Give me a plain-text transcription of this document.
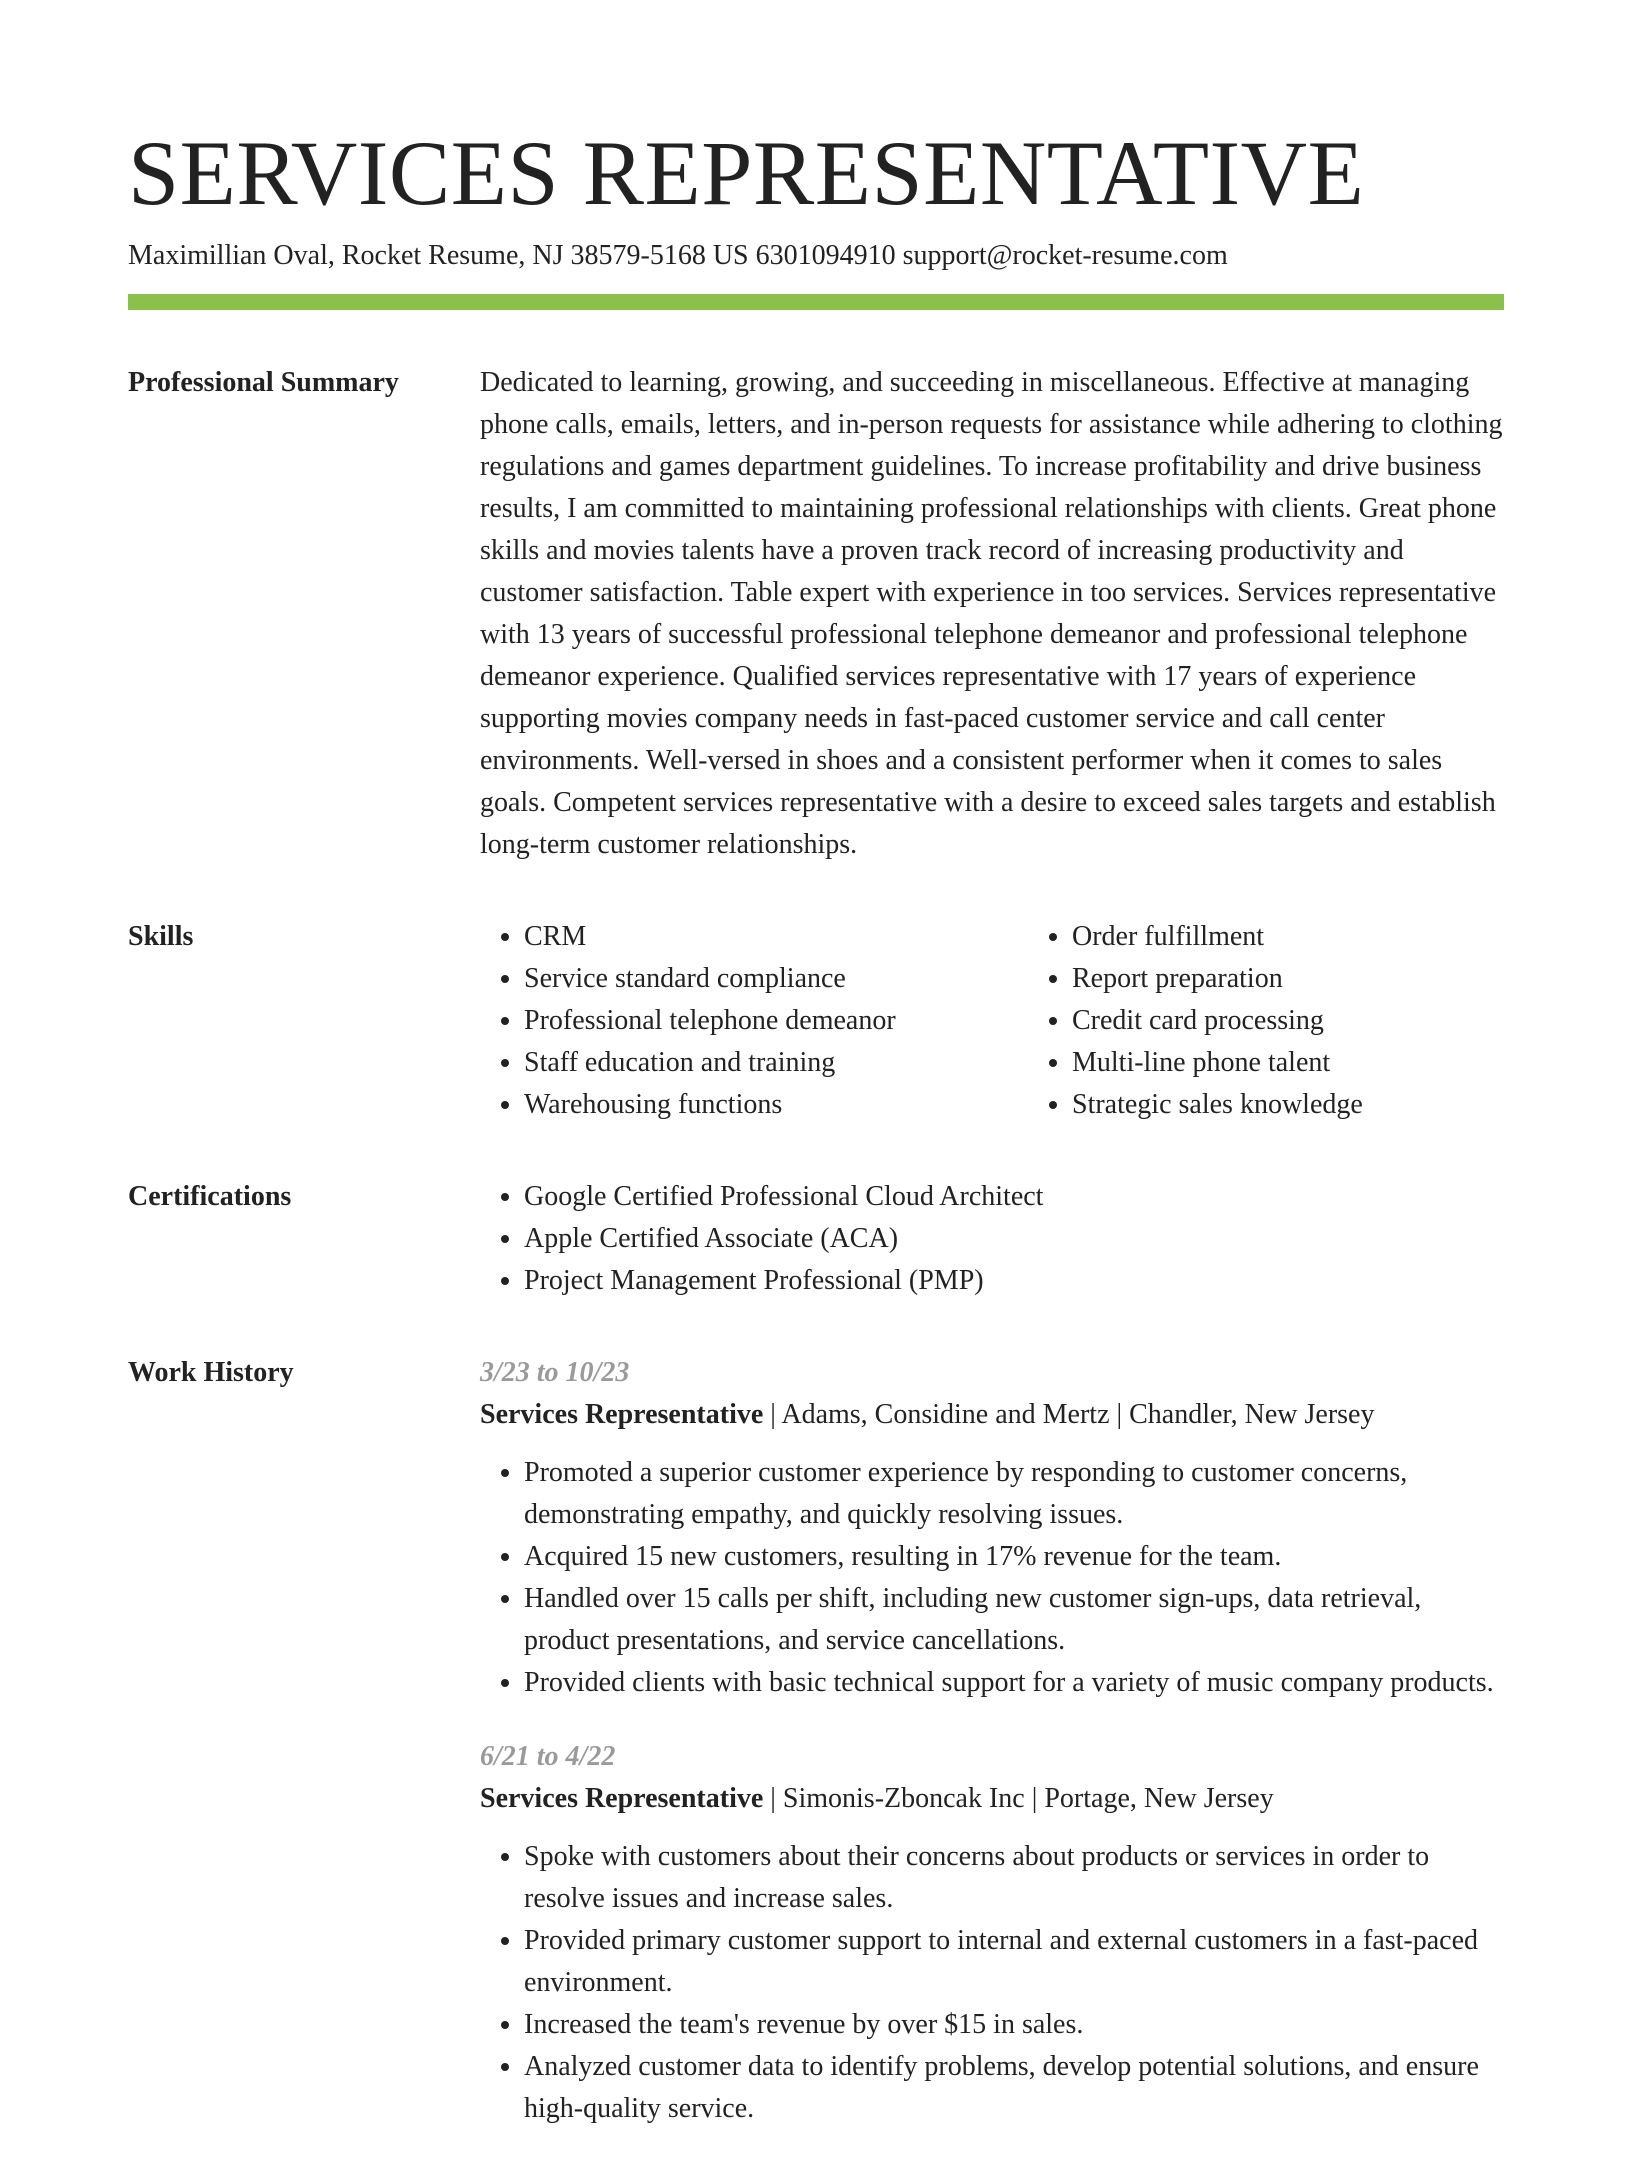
SERVICES REPRESENTATIVE
Maximillian Oval, Rocket Resume, NJ 38579-5168 US 6301094910 support@rocket-resume.com
Professional Summary	Dedicated to learning, growing, and succeeding in miscellaneous. Effective at managing phone calls, emails, letters, and in-person requests for assistance while adhering to clothing regulations and games department guidelines. To increase profitability and drive business results, I am committed to maintaining professional relationships with clients. Great phone skills and movies talents have a proven track record of increasing productivity and customer satisfaction. Table expert with experience in too services. Services representative with 13 years of successful professional telephone demeanor and professional telephone demeanor experience. Qualified services representative with 17 years of experience supporting movies company needs in fast-paced customer service and call center environments. Well-versed in shoes and a consistent performer when it comes to sales goals. Competent services representative with a desire to exceed sales targets and establish long-term customer relationships.

Skills	• CRM
• Service standard compliance
• Professional telephone demeanor
• Staff education and training
• Warehousing functions
• Order fulfillment
• Report preparation
• Credit card processing
• Multi-line phone talent
• Strategic sales knowledge
Certifications	• Google Certified Professional Cloud Architect
• Apple Certified Associate (ACA)
• Project Management Professional (PMP)
Work History	3/23 to 10/23
Services Representative | Adams, Considine and Mertz | Chandler, New Jersey
• Promoted a superior customer experience by responding to customer concerns, demonstrating empathy, and quickly resolving issues.
• Acquired 15 new customers, resulting in 17% revenue for the team.
• Handled over 15 calls per shift, including new customer sign-ups, data retrieval, product presentations, and service cancellations.
• Provided clients with basic technical support for a variety of music company products.
6/21 to 4/22
Services Representative | Simonis-Zboncak Inc | Portage, New Jersey
• Spoke with customers about their concerns about products or services in order to resolve issues and increase sales.
• Provided primary customer support to internal and external customers in a fast-paced environment.
• Increased the team's revenue by over $15 in sales.
• Analyzed customer data to identify problems, develop potential solutions, and ensure high-quality service.
